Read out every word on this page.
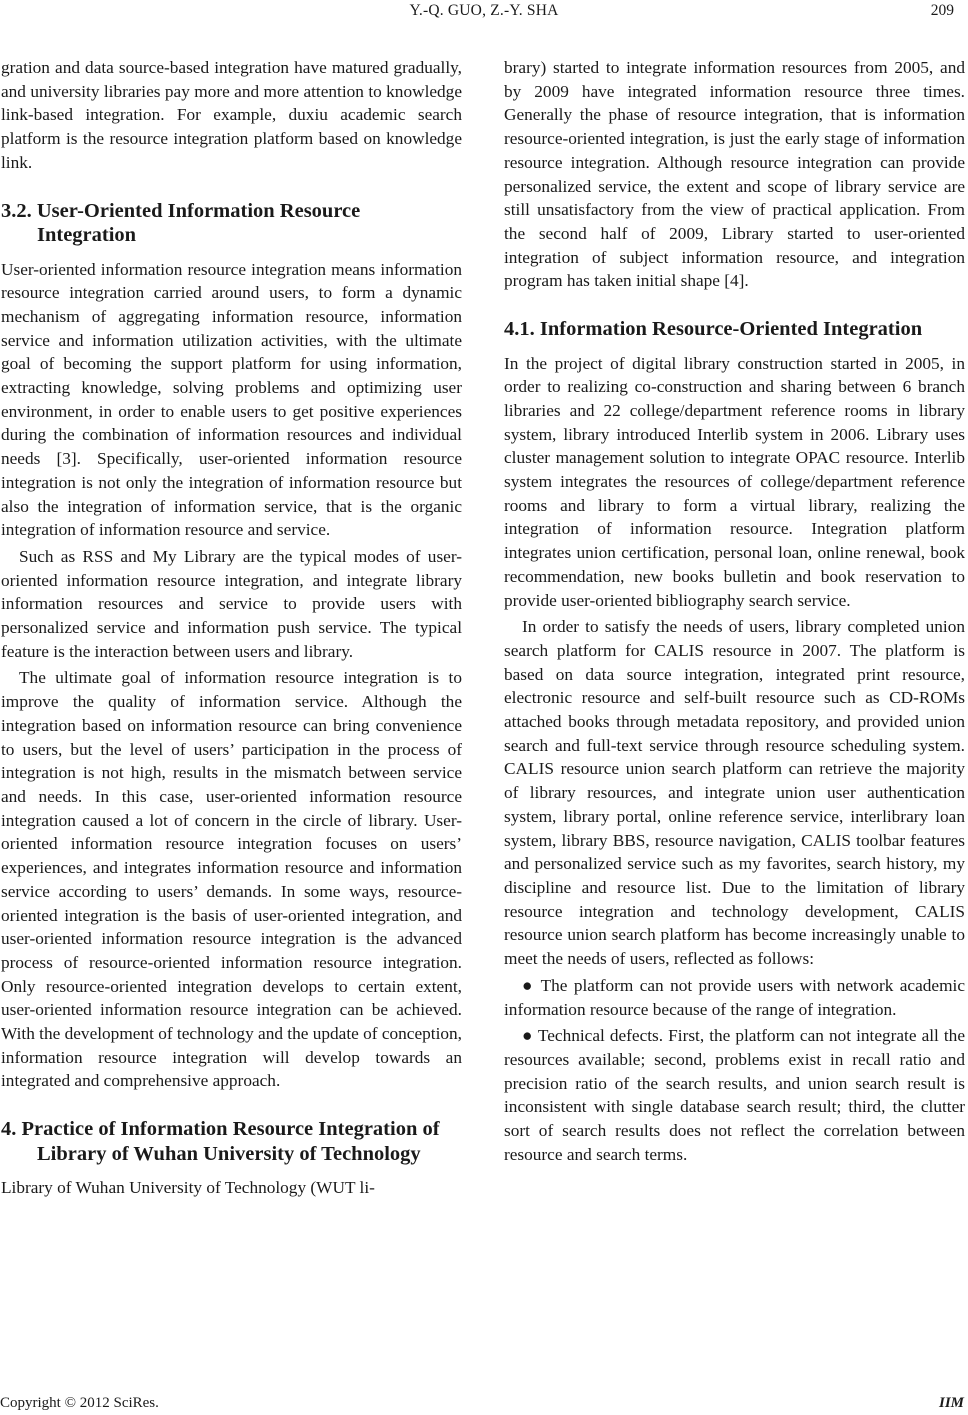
Y.-Q. GUO, Z.-Y. SHA	209

gration and data source-based integration have matured gradually, and university libraries pay more and more attention to knowledge link-based integration. For example, duxiu academic search platform is the resource integration platform based on knowledge link.

3.2. User-Oriented Information Resource Integration

User-oriented information resource integration means information resource integration carried around users, to form a dynamic mechanism of aggregating information resource, information service and information utilization activities, with the ultimate goal of becoming the support platform for using information, extracting knowledge, solving problems and optimizing user environment, in order to enable users to get positive experiences during the combination of information resources and individual needs [3]. Specifically, user-oriented information resource integration is not only the integration of information resource but also the integration of information service, that is the organic integration of information resource and service.

Such as RSS and My Library are the typical modes of user-oriented information resource integration, and integrate library information resources and service to provide users with personalized service and information push service. The typical feature is the interaction between users and library.

The ultimate goal of information resource integration is to improve the quality of information service. Although the integration based on information resource can bring convenience to users, but the level of users’ participation in the process of integration is not high, results in the mismatch between service and needs. In this case, user-oriented information resource integration caused a lot of concern in the circle of library. User-oriented information resource integration focuses on users’ experiences, and integrates information resource and information service according to users’ demands. In some ways, resource-oriented integration is the basis of user-oriented integration, and user-oriented information resource integration is the advanced process of resource-oriented information resource integration. Only resource-oriented integration develops to certain extent, user-oriented information resource integration can be achieved. With the development of technology and the update of conception, information resource integration will develop towards an integrated and comprehensive approach.

4. Practice of Information Resource Integration of Library of Wuhan University of Technology

Library of Wuhan University of Technology (WUT li-

brary) started to integrate information resources from 2005, and by 2009 have integrated information resource three times. Generally the phase of resource integration, that is information resource-oriented integration, is just the early stage of information resource integration. Although resource integration can provide personalized service, the extent and scope of library service are still unsatisfactory from the view of practical application. From the second half of 2009, Library started to user-oriented integration of subject information resource, and integration program has taken initial shape [4].

4.1. Information Resource-Oriented Integration

In the project of digital library construction started in 2005, in order to realizing co-construction and sharing between 6 branch libraries and 22 college/department reference rooms in library system, library introduced Interlib system in 2006. Library uses cluster management solution to integrate OPAC resource. Interlib system integrates the resources of college/department reference rooms and library to form a virtual library, realizing the integration of information resource. Integration platform integrates union certification, personal loan, online renewal, book recommendation, new books bulletin and book reservation to provide user-oriented bibliography search service.

In order to satisfy the needs of users, library completed union search platform for CALIS resource in 2007. The platform is based on data source integration, integrated print resource, electronic resource and self-built resource such as CD-ROMs attached books through metadata repository, and provided union search and full-text service through resource scheduling system. CALIS resource union search platform can retrieve the majority of library resources, and integrate union user authentication system, library portal, online reference service, interlibrary loan system, library BBS, resource navigation, CALIS toolbar features and personalized service such as my favorites, search history, my discipline and resource list. Due to the limitation of library resource integration and technology development, CALIS resource union search platform has become increasingly unable to meet the needs of users, reflected as follows:

● The platform can not provide users with network academic information resource because of the range of integration.

● Technical defects. First, the platform can not integrate all the resources available; second, problems exist in recall ratio and precision ratio of the search results, and union search result is inconsistent with single database search result; third, the clutter sort of search results does not reflect the correlation between resource and search terms.

Copyright © 2012 SciRes.	IIM
